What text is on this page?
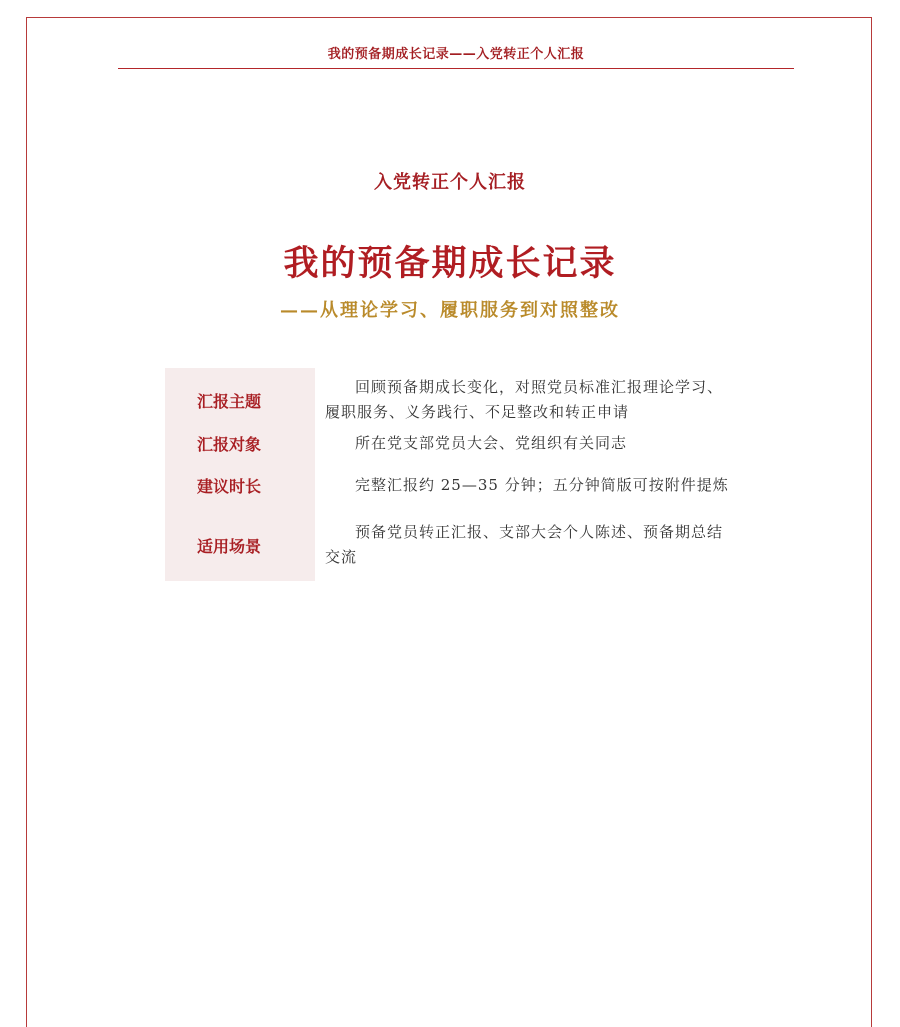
我的预备期成长记录——入党转正个人汇报
入党转正个人汇报
我的预备期成长记录
——从理论学习、履职服务到对照整改
汇报主题	回顾预备期成长变化，对照党员标准汇报理论学习、履职服务、义务践行、不足整改和转正申请
汇报对象	所在党支部党员大会、党组织有关同志
建议时长	完整汇报约 25—35 分钟；五分钟简版可按附件提炼
适用场景	预备党员转正汇报、支部大会个人陈述、预备期总结交流
